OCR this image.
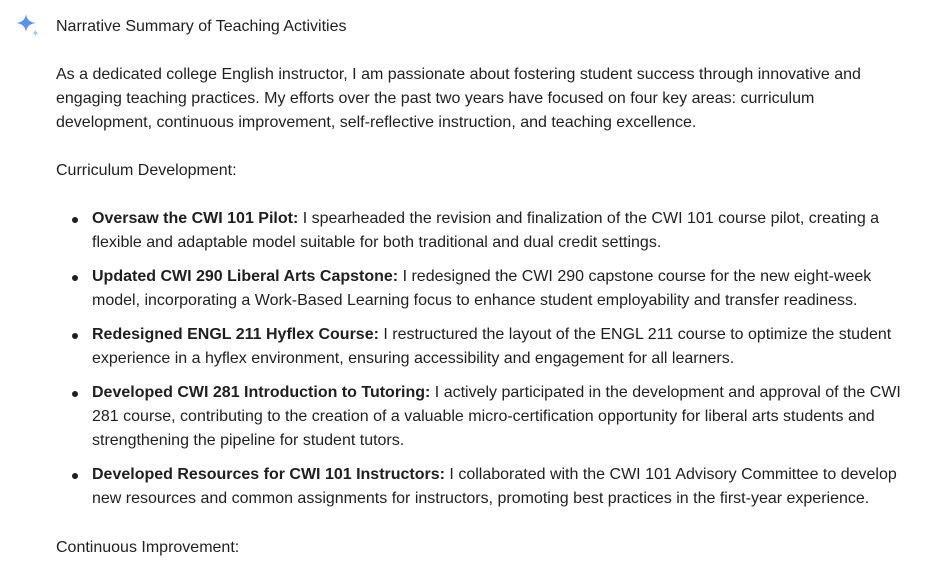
Narrative Summary of Teaching Activities

As a dedicated college English instructor, I am passionate about fostering student success through innovative and engaging teaching practices. My efforts over the past two years have focused on four key areas: curriculum development, continuous improvement, self-reflective instruction, and teaching excellence.

Curriculum Development:

Oversaw the CWI 101 Pilot: I spearheaded the revision and finalization of the CWI 101 course pilot, creating a flexible and adaptable model suitable for both traditional and dual credit settings.
Updated CWI 290 Liberal Arts Capstone: I redesigned the CWI 290 capstone course for the new eight-week model, incorporating a Work-Based Learning focus to enhance student employability and transfer readiness.
Redesigned ENGL 211 Hyflex Course: I restructured the layout of the ENGL 211 course to optimize the student experience in a hyflex environment, ensuring accessibility and engagement for all learners.
Developed CWI 281 Introduction to Tutoring: I actively participated in the development and approval of the CWI 281 course, contributing to the creation of a valuable micro-certification opportunity for liberal arts students and strengthening the pipeline for student tutors.
Developed Resources for CWI 101 Instructors: I collaborated with the CWI 101 Advisory Committee to develop new resources and common assignments for instructors, promoting best practices in the first-year experience.

Continuous Improvement:
